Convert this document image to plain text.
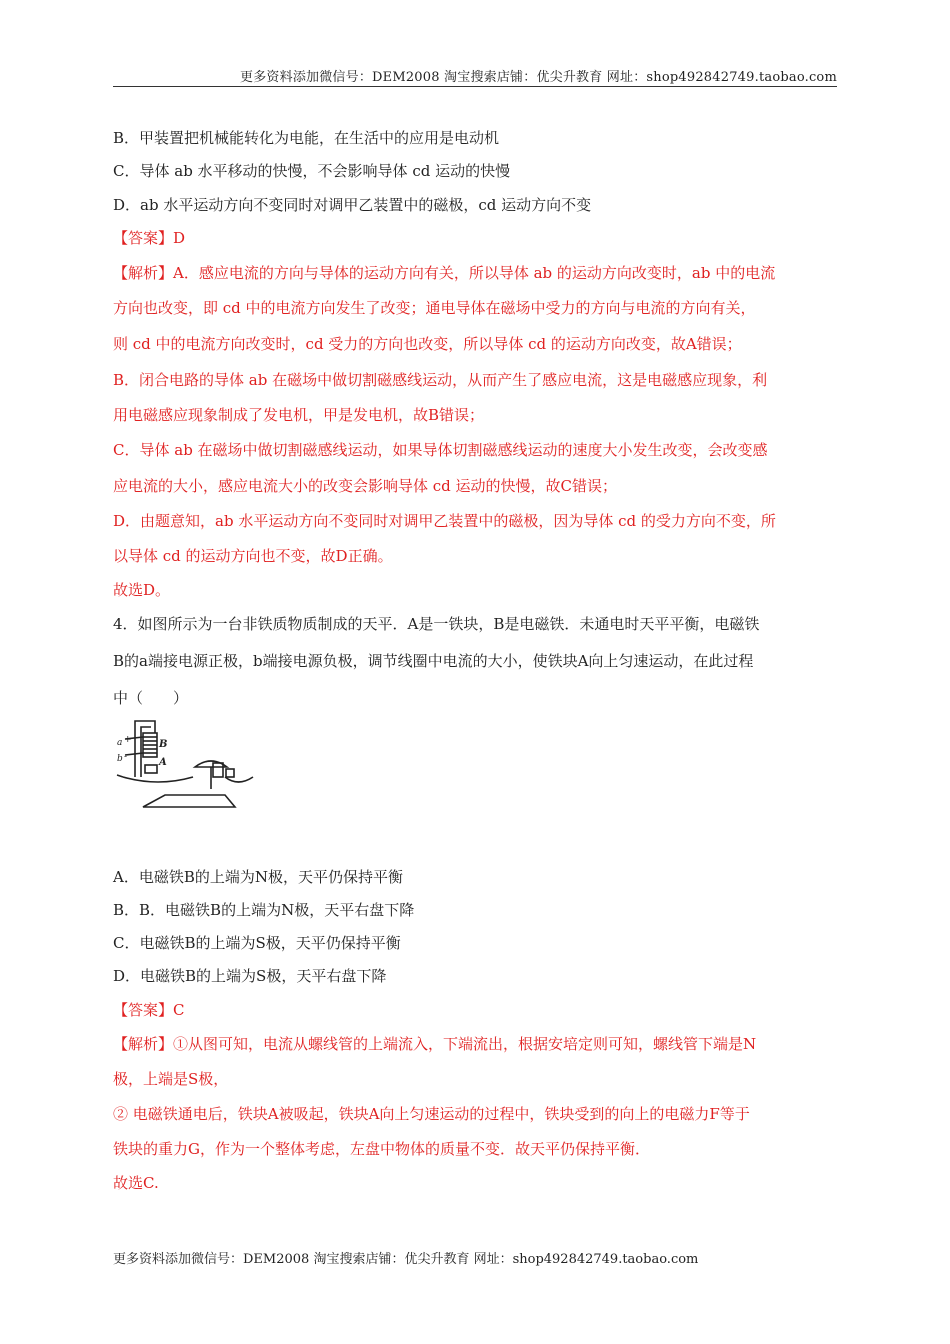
更多资料添加微信号：DEM2008 淘宝搜索店铺：优尖升教育 网址：shop492842749.taobao.com
B．甲装置把机械能转化为电能，在生活中的应用是电动机
C．导体 ab 水平移动的快慢，不会影响导体 cd 运动的快慢
D．ab 水平运动方向不变同时对调甲乙装置中的磁极，cd 运动方向不变
【答案】D
【解析】A．感应电流的方向与导体的运动方向有关，所以导体 ab 的运动方向改变时，ab 中的电流
方向也改变，即 cd 中的电流方向发生了改变；通电导体在磁场中受力的方向与电流的方向有关，
则 cd 中的电流方向改变时，cd 受力的方向也改变，所以导体 cd 的运动方向改变，故A错误；
B．闭合电路的导体 ab 在磁场中做切割磁感线运动，从而产生了感应电流，这是电磁感应现象，利
用电磁感应现象制成了发电机，甲是发电机，故B错误；
C．导体 ab 在磁场中做切割磁感线运动，如果导体切割磁感线运动的速度大小发生改变，会改变感
应电流的大小，感应电流大小的改变会影响导体 cd 运动的快慢，故C错误；
D．由题意知，ab 水平运动方向不变同时对调甲乙装置中的磁极，因为导体 cd 的受力方向不变，所
以导体 cd 的运动方向也不变，故D正确。
故选D。
4．如图所示为一台非铁质物质制成的天平．A是一铁块，B是电磁铁．未通电时天平平衡，电磁铁
B的a端接电源正极，b端接电源负极，调节线圈中电流的大小，使铁块A向上匀速运动，在此过程
中（　　）
a +
b -
B
A
A．电磁铁B的上端为N极，天平仍保持平衡
B．B．电磁铁B的上端为N极，天平右盘下降
C．电磁铁B的上端为S极，天平仍保持平衡
D．电磁铁B的上端为S极，天平右盘下降
【答案】C
【解析】①从图可知，电流从螺线管的上端流入，下端流出，根据安培定则可知，螺线管下端是N
极，上端是S极，
② 电磁铁通电后，铁块A被吸起，铁块A向上匀速运动的过程中，铁块受到的向上的电磁力F等于
铁块的重力G，作为一个整体考虑，左盘中物体的质量不变．故天平仍保持平衡．
故选C.
更多资料添加微信号：DEM2008 淘宝搜索店铺：优尖升教育 网址：shop492842749.taobao.com
